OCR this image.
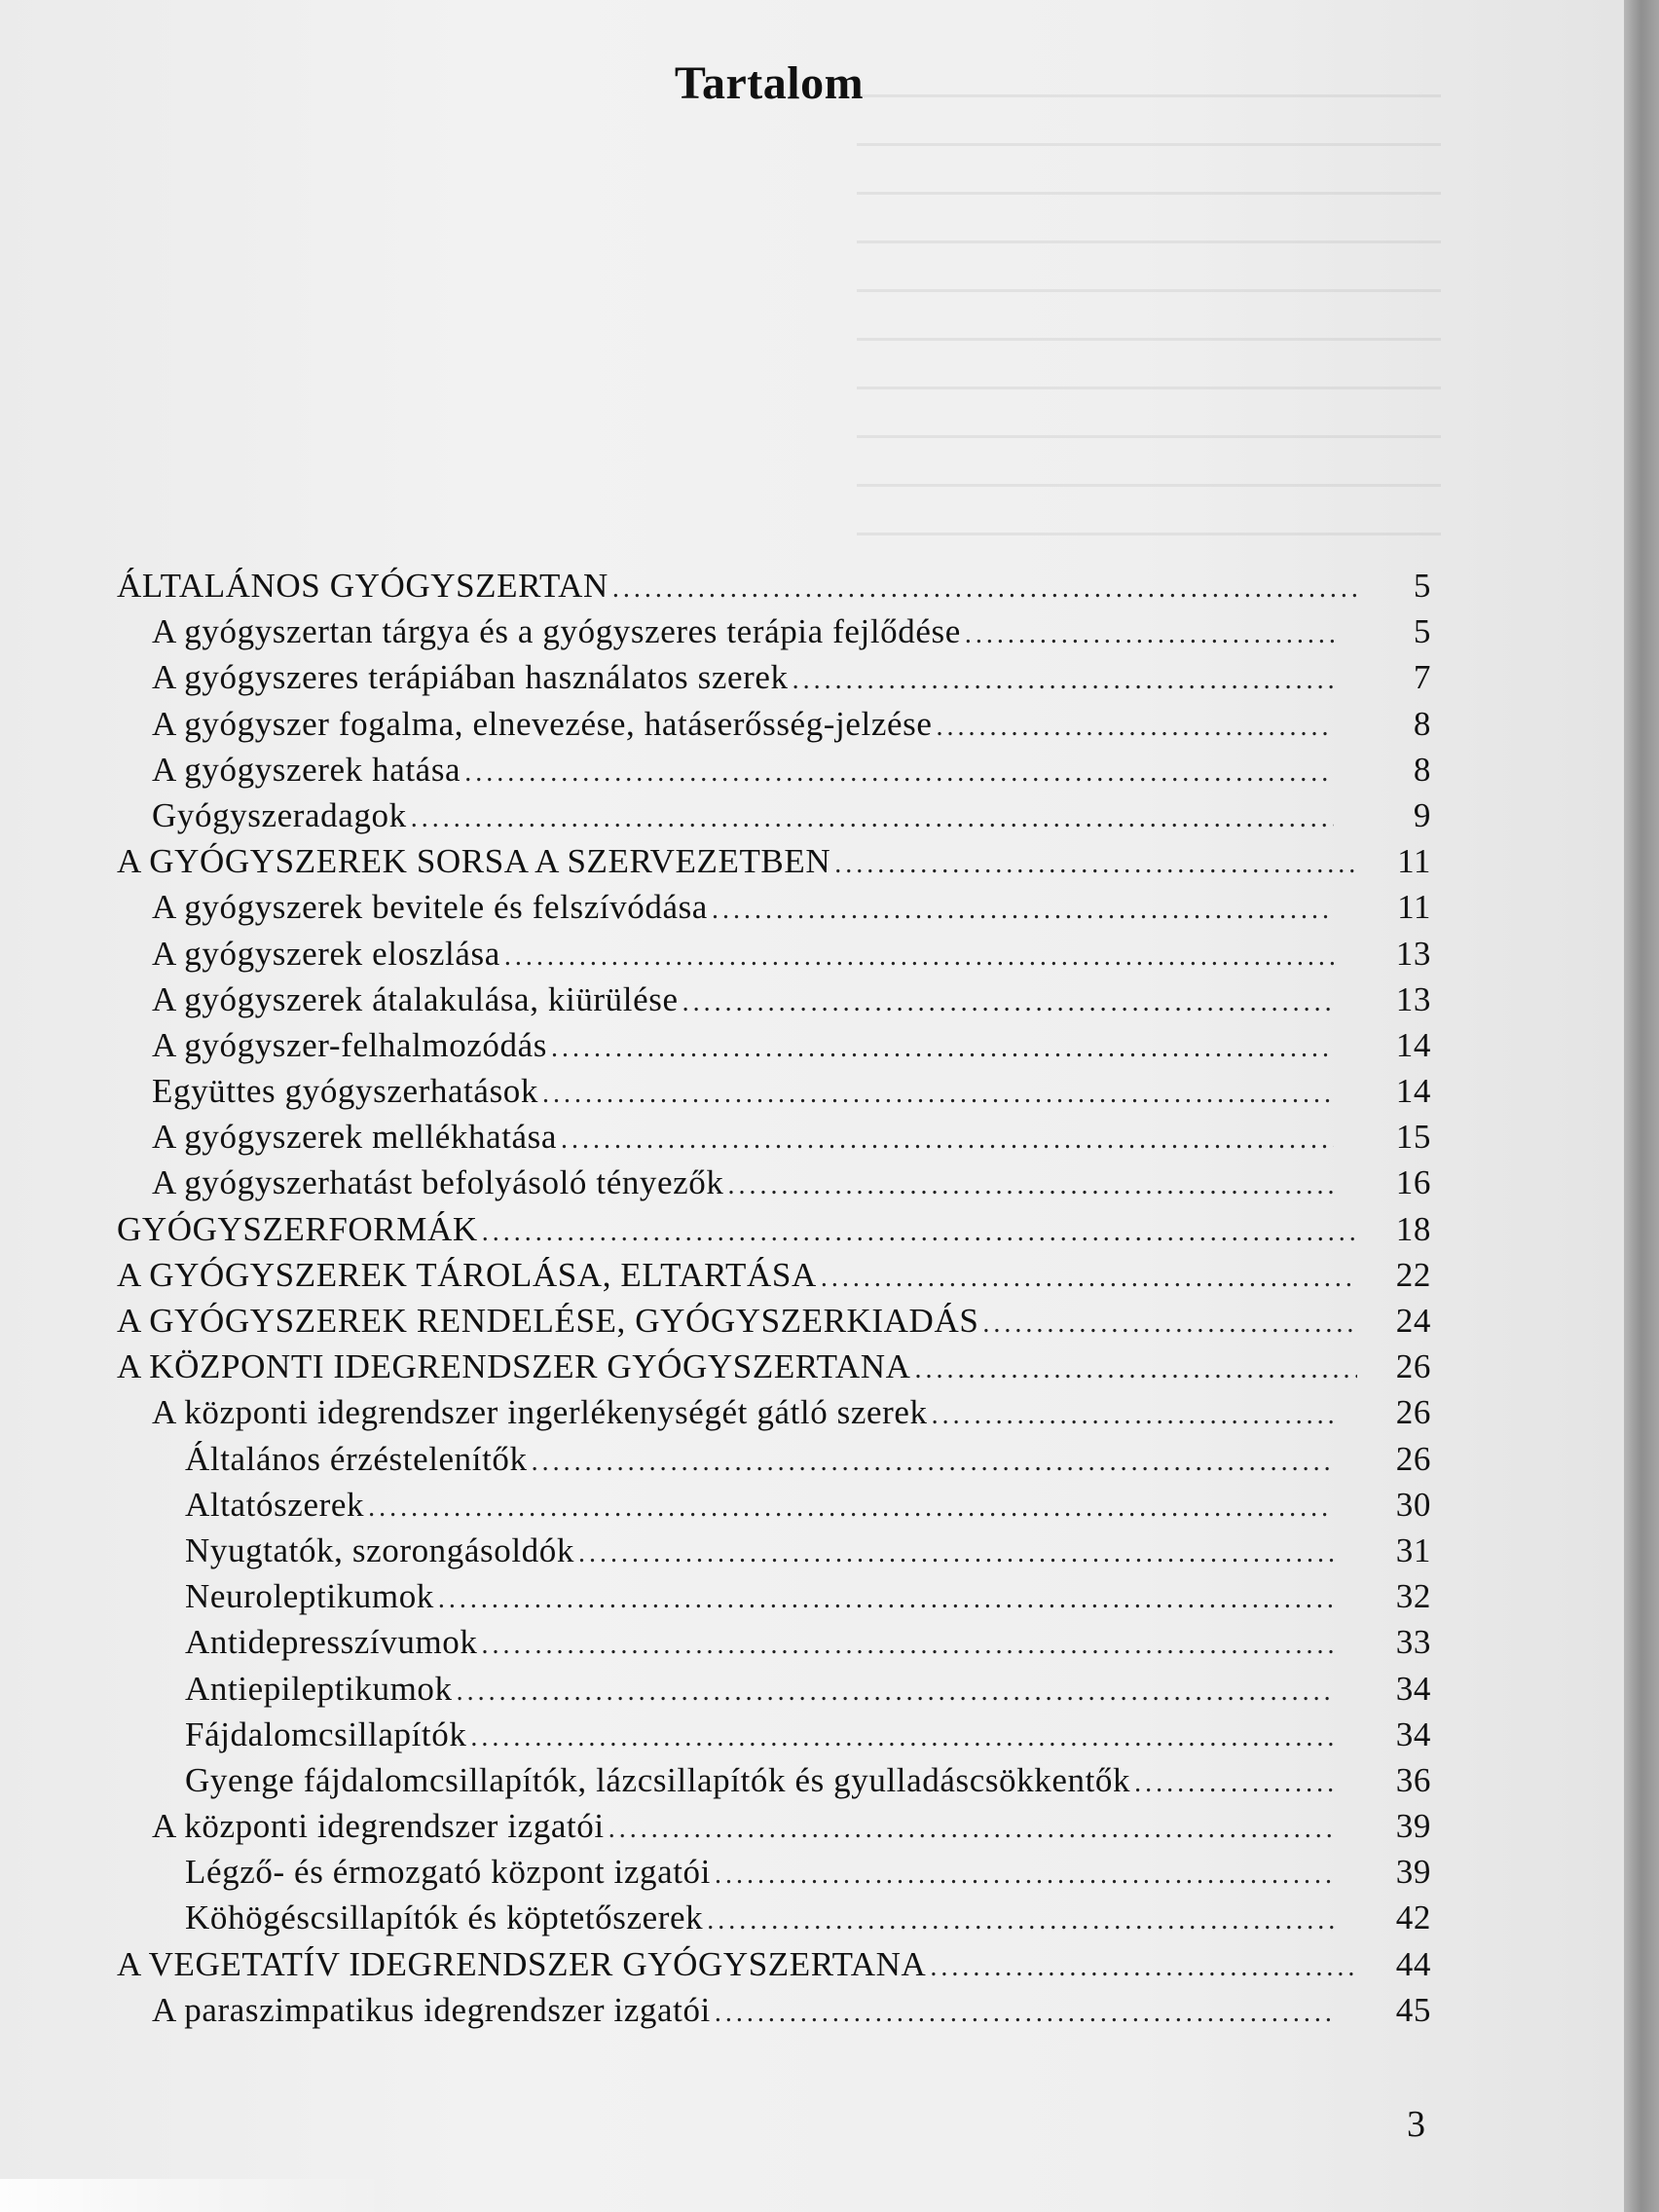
Tartalom
ÁLTALÁNOS GYÓGYSZERTAN .....	5
A gyógyszertan tárgya és a gyógyszeres terápia fejlődése .....	5
A gyógyszeres terápiában használatos szerek .....	7
A gyógyszer fogalma, elnevezése, hatáserősség-jelzése .....	8
A gyógyszerek hatása .....	8
Gyógyszeradagok .....	9
A GYÓGYSZEREK SORSA A SZERVEZETBEN .....	11
A gyógyszerek bevitele és felszívódása .....	11
A gyógyszerek eloszlása .....	13
A gyógyszerek átalakulása, kiürülése .....	13
A gyógyszer-felhalmozódás .....	14
Együttes gyógyszerhatások .....	14
A gyógyszerek mellékhatása .....	15
A gyógyszerhatást befolyásoló tényezők .....	16
GYÓGYSZERFORMÁK .....	18
A GYÓGYSZEREK TÁROLÁSA, ELTARTÁSA .....	22
A GYÓGYSZEREK RENDELÉSE, GYÓGYSZERKIADÁS .....	24
A KÖZPONTI IDEGRENDSZER GYÓGYSZERTANA .....	26
A központi idegrendszer ingerlékenységét gátló szerek .....	26
Általános érzéstelenítők .....	26
Altatószerek .....	30
Nyugtatók, szorongásoldók .....	31
Neuroleptikumok .....	32
Antidepresszívumok .....	33
Antiepileptikumok .....	34
Fájdalomcsillapítók .....	34
Gyenge fájdalomcsillapítók, lázcsillapítók és gyulladáscsökkentők .....	36
A központi idegrendszer izgatói .....	39
Légző- és érmozgató központ izgatói .....	39
Köhögéscsillapítók és köptetőszerek .....	42
A VEGETATÍV IDEGRENDSZER GYÓGYSZERTANA .....	44
A paraszimpatikus idegrendszer izgatói .....	45
3
